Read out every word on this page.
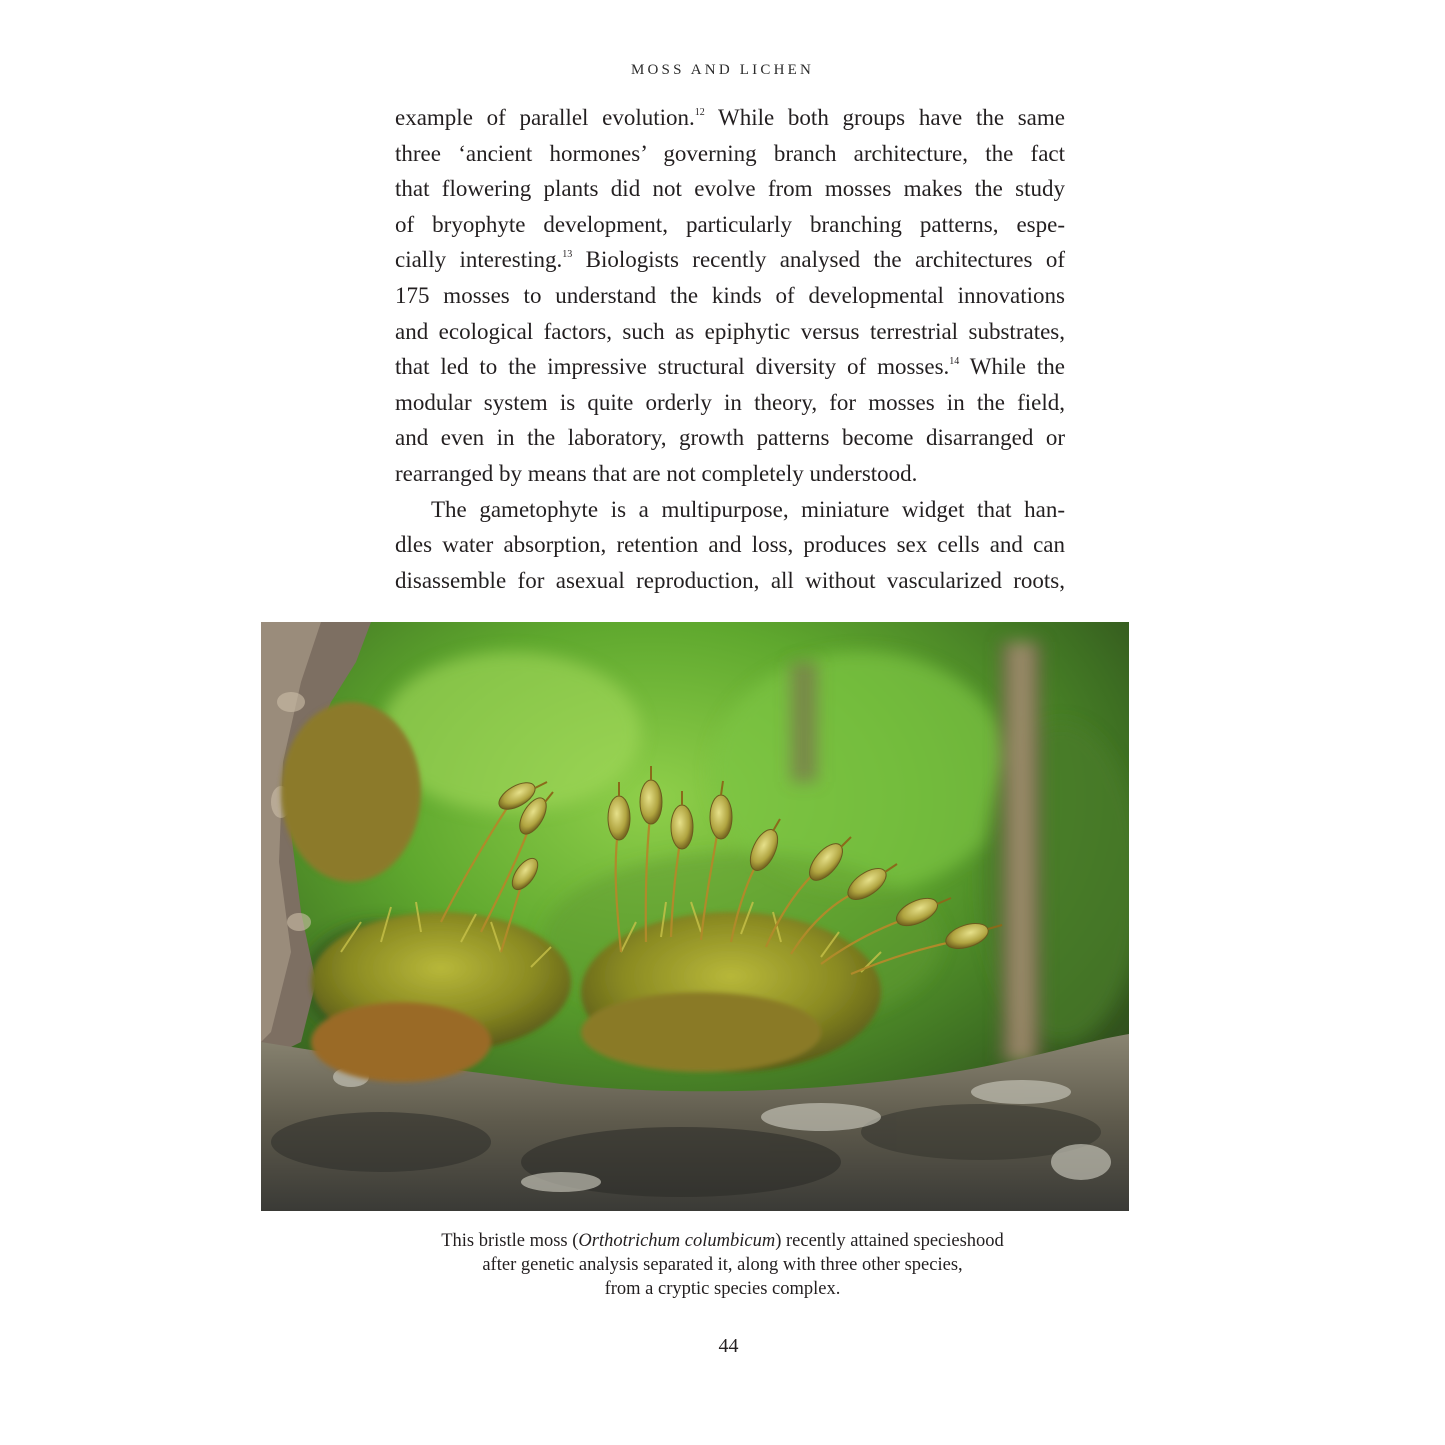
MOSS AND LICHEN
example of parallel evolution.$^{12}$ While both groups have the same
three ‘ancient hormones’ governing branch architecture, the fact
that flowering plants did not evolve from mosses makes the study
of bryophyte development, particularly branching patterns, espe-
cially interesting.$^{13}$ Biologists recently analysed the architectures of
175 mosses to understand the kinds of developmental innovations
and ecological factors, such as epiphytic versus terrestrial substrates,
that led to the impressive structural diversity of mosses.$^{14}$ While the
modular system is quite orderly in theory, for mosses in the field,
and even in the laboratory, growth patterns become disarranged or
rearranged by means that are not completely understood.
The gametophyte is a multipurpose, miniature widget that han-
dles water absorption, retention and loss, produces sex cells and can
disassemble for asexual reproduction, all without vascularized roots,
This bristle moss (Orthotrichum columbicum) recently attained specieshood
after genetic analysis separated it, along with three other species,
from a cryptic species complex.
44
